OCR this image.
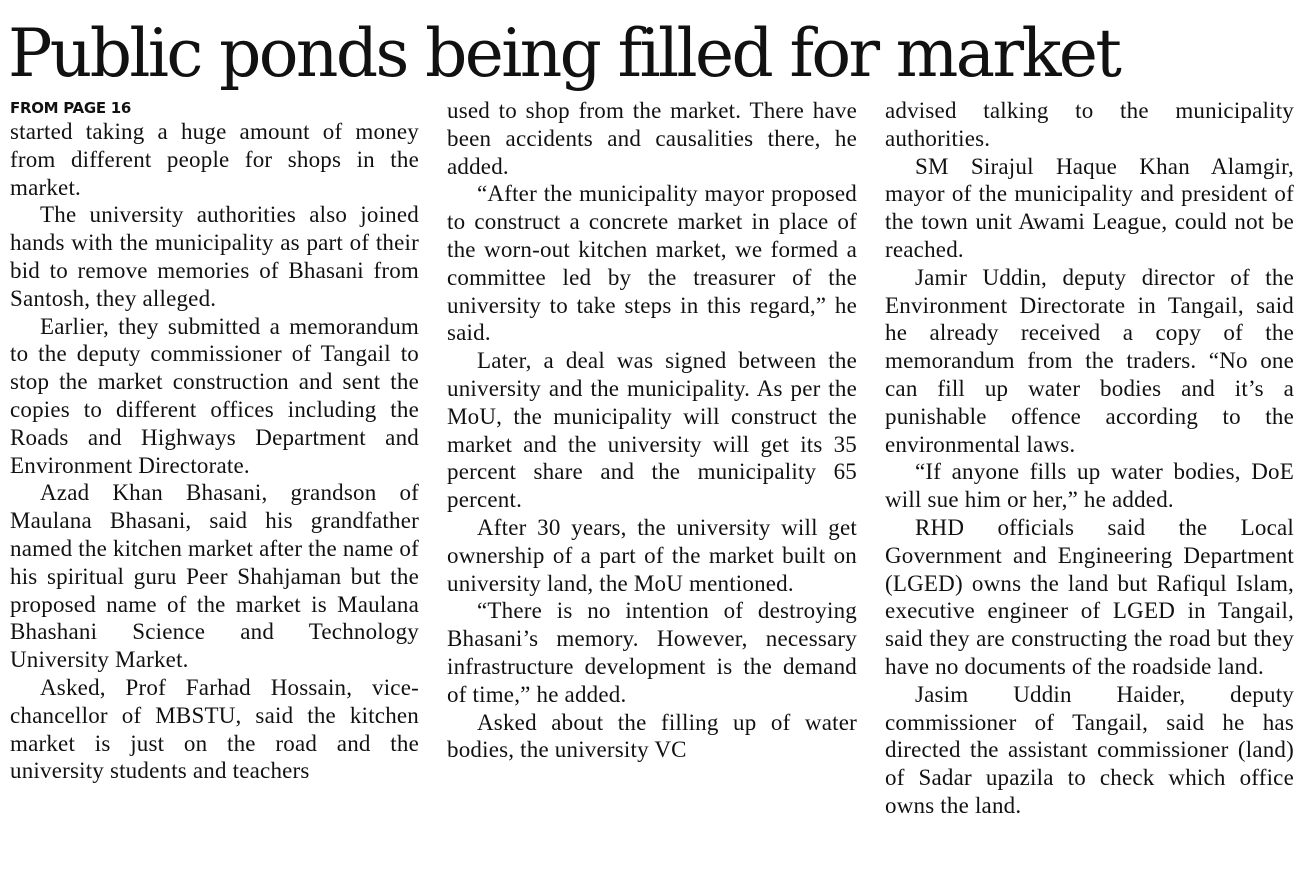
Public ponds being filled for market
FROM PAGE 16

started taking a huge amount of money from different people for shops in the market.

The university authorities also joined hands with the municipality as part of their bid to remove memories of Bhasani from Santosh, they alleged.

Earlier, they submitted a memorandum to the deputy commissioner of Tangail to stop the market construction and sent the copies to different offices including the Roads and Highways Department and Environment Directorate.

Azad Khan Bhasani, grandson of Maulana Bhasani, said his grandfather named the kitchen market after the name of his spiritual guru Peer Shahjaman but the proposed name of the market is Maulana Bhashani Science and Technology University Market.

Asked, Prof Farhad Hossain, vice-chancellor of MBSTU, said the kitchen market is just on the road and the university students and teachers

used to shop from the market. There have been accidents and causalities there, he added.

“After the municipality mayor proposed to construct a concrete market in place of the worn-out kitchen market, we formed a committee led by the treasurer of the university to take steps in this regard,” he said.

Later, a deal was signed between the university and the municipality. As per the MoU, the municipality will construct the market and the university will get its 35 percent share and the municipality 65 percent.

After 30 years, the university will get ownership of a part of the market built on university land, the MoU mentioned.

“There is no intention of destroying Bhasani’s memory. However, necessary infrastructure development is the demand of time,” he added.

Asked about the filling up of water bodies, the university VC

advised talking to the municipality authorities.

SM Sirajul Haque Khan Alamgir, mayor of the municipality and president of the town unit Awami League, could not be reached.

Jamir Uddin, deputy director of the Environment Directorate in Tangail, said he already received a copy of the memorandum from the traders. “No one can fill up water bodies and it’s a punishable offence according to the environmental laws.

“If anyone fills up water bodies, DoE will sue him or her,” he added.

RHD officials said the Local Government and Engineering Department (LGED) owns the land but Rafiqul Islam, executive engineer of LGED in Tangail, said they are constructing the road but they have no documents of the roadside land.

Jasim Uddin Haider, deputy commissioner of Tangail, said he has directed the assistant commissioner (land) of Sadar upazila to check which office owns the land.
